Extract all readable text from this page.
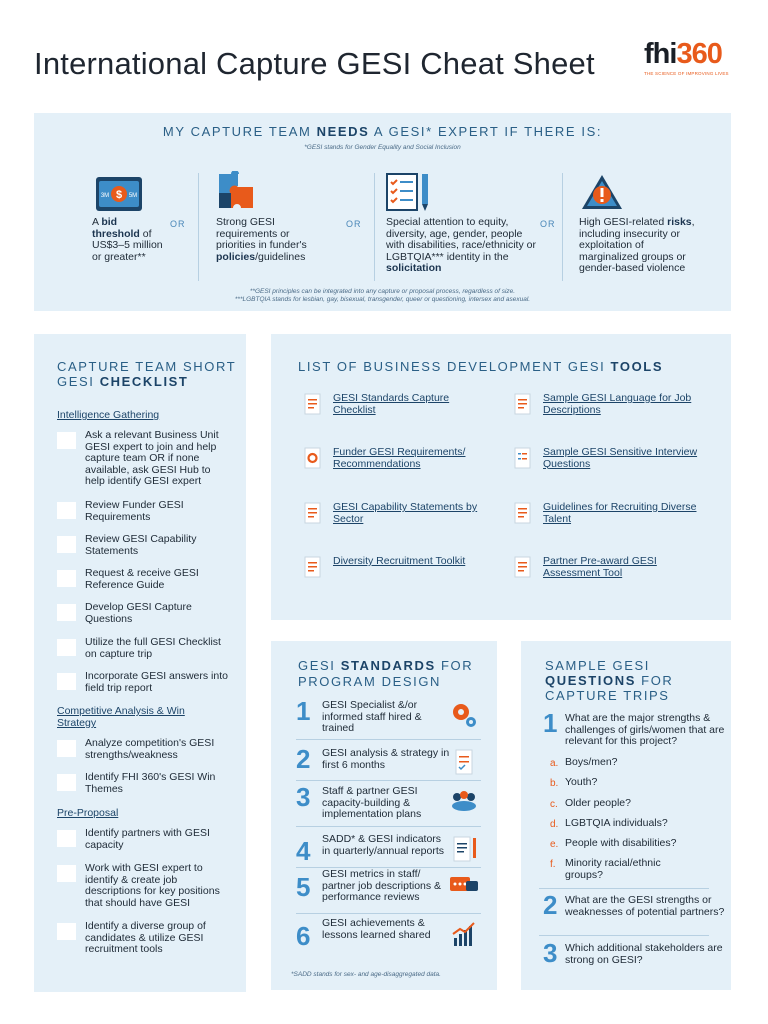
International Capture GESI Cheat Sheet fhi360
THE SCIENCE OF IMPROVING LIVES
MY CAPTURE TEAM NEEDS A GESI* EXPERT IF THERE IS:
*GESI stands for Gender Equality and Social Inclusion
$
3M	5M
A bid threshold of US$3–5 million or greater**
OR	Strong GESI requirements or priorities in funder's policies/guidelines
OR Special attention to equity, diversity, age, gender, people with disabilities, race/ethnicity or LGBTQIA*** identity in the solicitation
OR High GESI-related risks, including insecurity or exploitation of marginalized groups or gender-based violence
**GESI principles can be integrated into any capture or proposal process, regardless of size.
***LGBTQIA stands for lesbian, gay, bisexual, transgender, queer or questioning, intersex and asexual.
CAPTURE TEAM SHORT GESI CHECKLIST
Intelligence Gathering
Ask a relevant Business Unit GESI expert to join and help capture team OR if none available, ask GESI Hub to help identify GESI expert
Review Funder GESI Requirements
Review GESI Capability Statements
Request & receive GESI Reference Guide
Develop GESI Capture Questions
Utilize the full GESI Checklist on capture trip
Incorporate GESI answers into field trip report
Competitive Analysis & Win Strategy
Analyze competition's GESI strengths/weakness
Identify FHI 360's GESI Win Themes
Pre-Proposal
Identify partners with GESI capacity
Work with GESI expert to identify & create job descriptions for key positions that should have GESI
Identify a diverse group of candidates & utilize GESI recruitment tools
LIST OF BUSINESS DEVELOPMENT GESI TOOLS
GESI Standards Capture Checklist
Sample GESI Language for Job Descriptions
Funder GESI Requirements/ Recommendations
Sample GESI Sensitive Interview Questions
GESI Capability Statements by Sector
Guidelines for Recruiting Diverse Talent
Diversity Recruitment Toolkit	Partner Pre-award GESI Assessment Tool
GESI STANDARDS FOR PROGRAM DESIGN
1 GESI Specialist &/or informed staff hired & trained
2 GESI analysis & strategy in first 6 months
3 Staff & partner GESI capacity-building & implementation plans
4 SADD* & GESI indicators in quarterly/annual reports
5 GESI metrics in staff/ partner job descriptions & performance reviews
6 GESI achievements & lessons learned shared
*SADD stands for sex- and age-disaggregated data.
SAMPLE GESI QUESTIONS FOR CAPTURE TRIPS
1 What are the major strengths & challenges of girls/women that are relevant for this project?
a. Boys/men?
b. Youth?
c. Older people?
d. LGBTQIA individuals?
e. People with disabilities?
f. Minority racial/ethnic groups?
2 What are the GESI strengths or weaknesses of potential partners?
3 Which additional stakeholders are strong on GESI?
